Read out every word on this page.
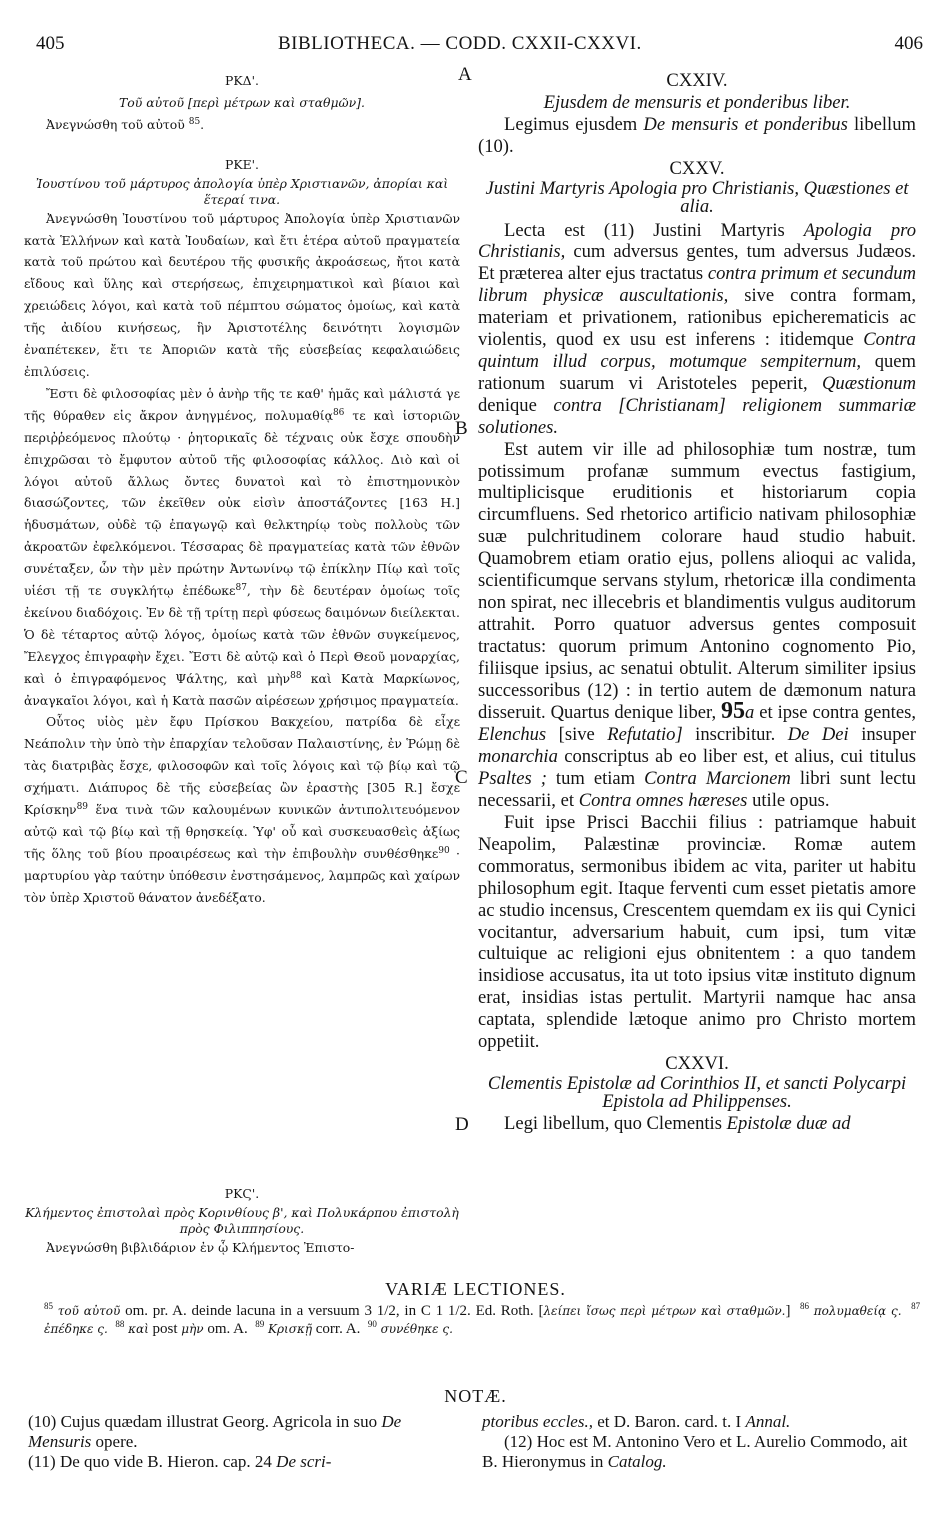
405	BIBLIOTHECA. — CODD. CXXII-CXXVI.	406
A
B
C
D
ΡΚΔ'.
Τοῦ αὐτοῦ [περὶ μέτρων καὶ σταθμῶν].
Ἀνεγνώσθη τοῦ αὐτοῦ $^{85}$.
ΡΚΕ'.
Ἰουστίνου τοῦ μάρτυρος ἀπολογία ὑπὲρ Χριστιανῶν, ἀπορίαι καὶ ἕτεραί τινα.
Ἀνεγνώσθη Ἰουστίνου τοῦ μάρτυρος Ἀπολογία ὑπὲρ Χριστιανῶν κατὰ Ἑλλήνων καὶ κατὰ Ἰουδαίων, καὶ ἔτι ἑτέρα αὐτοῦ πραγματεία κατὰ τοῦ πρώτου καὶ δευτέρου τῆς φυσικῆς ἀκροάσεως, ἤτοι κατὰ εἴδους καὶ ὕλης καὶ στερήσεως, ἐπιχειρηματικοὶ καὶ βίαιοι καὶ χρειώδεις λόγοι, καὶ κατὰ τοῦ πέμπτου σώματος ὁμοίως, καὶ κατὰ τῆς ἀιδίου κινήσεως, ἣν Ἀριστοτέλης δεινότητι λογισμῶν ἐναπέτεκεν, ἔτι τε Ἀποριῶν κατὰ τῆς εὐσεβείας κεφαλαιώδεις ἐπιλύσεις.
Ἔστι δὲ φιλοσοφίας μὲν ὁ ἀνὴρ τῆς τε καθ' ἡμᾶς καὶ μάλιστά γε τῆς θύραθεν εἰς ἄκρον ἀνηγμένος, πολυμαθίᾳ$^{86}$ τε καὶ ἱστοριῶν περιῤῥεόμενος πλούτῳ · ῥητορικαῖς δὲ τέχναις οὐκ ἔσχε σπουδὴν ἐπιχρῶσαι τὸ ἔμφυτον αὐτοῦ τῆς φιλοσοφίας κάλλος. Διὸ καὶ οἱ λόγοι αὐτοῦ ἄλλως ὄντες δυνατοὶ καὶ τὸ ἐπιστημονικὸν διασώζοντες, τῶν ἐκεῖθεν οὐκ εἰσὶν ἀποστάζοντες [163 H.] ἡδυσμάτων, οὐδὲ τῷ ἐπαγωγῷ καὶ θελκτηρίῳ τοὺς πολλοὺς τῶν ἀκροατῶν ἐφελκόμενοι. Τέσσαρας δὲ πραγματείας κατὰ τῶν ἐθνῶν συνέταξεν, ὧν τὴν μὲν πρώτην Ἀντωνίνῳ τῷ ἐπίκλην Πίῳ καὶ τοῖς υἱέσι τῇ τε συγκλήτῳ ἐπέδωκε$^{87}$, τὴν δὲ δευτέραν ὁμοίως τοῖς ἐκείνου διαδόχοις. Ἐν δὲ τῇ τρίτῃ περὶ φύσεως δαιμόνων διείλεκται. Ὁ δὲ τέταρτος αὐτῷ λόγος, ὁμοίως κατὰ τῶν ἐθνῶν συγκείμενος, Ἔλεγχος ἐπιγραφὴν ἔχει. Ἔστι δὲ αὐτῷ καὶ ὁ Περὶ Θεοῦ μοναρχίας, καὶ ὁ ἐπιγραφόμενος Ψάλτης, καὶ μὴν$^{88}$ καὶ Κατὰ Μαρκίωνος, ἀναγκαῖοι λόγοι, καὶ ἡ Κατὰ πασῶν αἱρέσεων χρήσιμος πραγματεία.
Οὗτος υἱὸς μὲν ἔφυ Πρίσκου Βακχείου, πατρίδα δὲ εἶχε Νεάπολιν τὴν ὑπὸ τὴν ἐπαρχίαν τελοῦσαν Παλαιστίνης, ἐν Ῥώμῃ δὲ τὰς διατριβὰς ἔσχε, φιλοσοφῶν καὶ τοῖς λόγοις καὶ τῷ βίῳ καὶ τῷ σχήματι. Διάπυρος δὲ τῆς εὐσεβείας ὢν ἐραστὴς [305 R.] ἔσχε Κρίσκην$^{89}$ ἕνα τινὰ τῶν καλουμένων κυνικῶν ἀντιπολιτευόμενον αὐτῷ καὶ τῷ βίῳ καὶ τῇ θρησκείᾳ. Ὑφ' οὗ καὶ συσκευασθεὶς ἀξίως τῆς ὅλης τοῦ βίου προαιρέσεως καὶ τὴν ἐπιβουλὴν συνθέσθηκε$^{90}$ · μαρτυρίου γὰρ ταύτην ὑπόθεσιν ἐνστησάμενος, λαμπρῶς καὶ χαίρων τὸν ὑπὲρ Χριστοῦ θάνατον ἀνεδέξατο.
ΡΚϚ'.
Κλήμεντος ἐπιστολαὶ πρὸς Κορινθίους β', καὶ Πολυκάρπου ἐπιστολὴ πρὸς Φιλιππησίους.
Ἀνεγνώσθη βιβλιδάριον ἐν ᾧ Κλήμεντος Ἐπιστο-
CXXIV.
Ejusdem de mensuris et ponderibus liber.
Legimus ejusdem De mensuris et ponderibus libellum (10).
CXXV.
Justini Martyris Apologia pro Christianis, Quæstiones et alia.
Lecta est (11) Justini Martyris Apologia pro Christianis, cum adversus gentes, tum adversus Judæos. Et præterea alter ejus tractatus contra primum et secundum librum physicæ auscultationis, sive contra formam, materiam et privationem, rationibus epicherematicis ac violentis, quod ex usu est inferens : itidemque Contra quintum illud corpus, motumque sempiternum, quem rationum suarum vi Aristoteles peperit, Quæstionum denique contra [Christianam] religionem summariæ solutiones.
Est autem vir ille ad philosophiæ tum nostræ, tum potissimum profanæ summum evectus fastigium, multiplicisque eruditionis et historiarum copia circumfluens. Sed rhetorico artificio nativam philosophiæ suæ pulchritudinem colorare haud studio habuit. Quamobrem etiam oratio ejus, pollens alioqui ac valida, scientificumque servans stylum, rhetoricæ illa condimenta non spirat, nec illecebris et blandimentis vulgus auditorum attrahit. Porro quatuor adversus gentes composuit tractatus: quorum primum Antonino cognomento Pio, filiisque ipsius, ac senatui obtulit. Alterum similiter ipsius successoribus (12) : in tertio autem de dæmonum natura disseruit. Quartus denique liber, 95a et ipse contra gentes, Elenchus [sive Refutatio] inscribitur. De Dei insuper monarchia conscriptus ab eo liber est, et alius, cui titulus Psaltes ; tum etiam Contra Marcionem libri sunt lectu necessarii, et Contra omnes hæreses utile opus.
Fuit ipse Prisci Bacchii filius : patriamque habuit Neapolim, Palæstinæ provinciæ. Romæ autem commoratus, sermonibus ibidem ac vita, pariter ut habitu philosophum egit. Itaque ferventi cum esset pietatis amore ac studio incensus, Crescentem quemdam ex iis qui Cynici vocitantur, adversarium habuit, cum ipsi, tum vitæ cultuique ac religioni ejus obnitentem : a quo tandem insidiose accusatus, ita ut toto ipsius vitæ instituto dignum erat, insidias istas pertulit. Martyrii namque hac ansa captata, splendide lætoque animo pro Christo mortem oppetiit.
CXXVI.
Clementis Epistolæ ad Corinthios II, et sancti Polycarpi Epistola ad Philippenses.
Legi libellum, quo Clementis Epistolæ duæ ad
VARIÆ LECTIONES.
$^{85}$ τοῦ αὐτοῦ om. pr. A. deinde lacuna in a versuum 3 1/2, in C 1 1/2. Ed. Roth. [λείπει ἴσως περὶ μέτρων καὶ σταθμῶν.] $^{86}$ πολυμαθείᾳ ς. $^{87}$ ἐπέδηκε ς. $^{88}$ καὶ post μὴν om. A. $^{89}$ Κρισκῇ corr. A. $^{90}$ συνέθηκε ς.
NOTÆ.
(10) Cujus quædam illustrat Georg. Agricola in suo De Mensuris opere.
(11) De quo vide B. Hieron. cap. 24 De scri-
ptoribus eccles., et D. Baron. card. t. I Annal.
(12) Hoc est M. Antonino Vero et L. Aurelio Commodo, ait B. Hieronymus in Catalog.
